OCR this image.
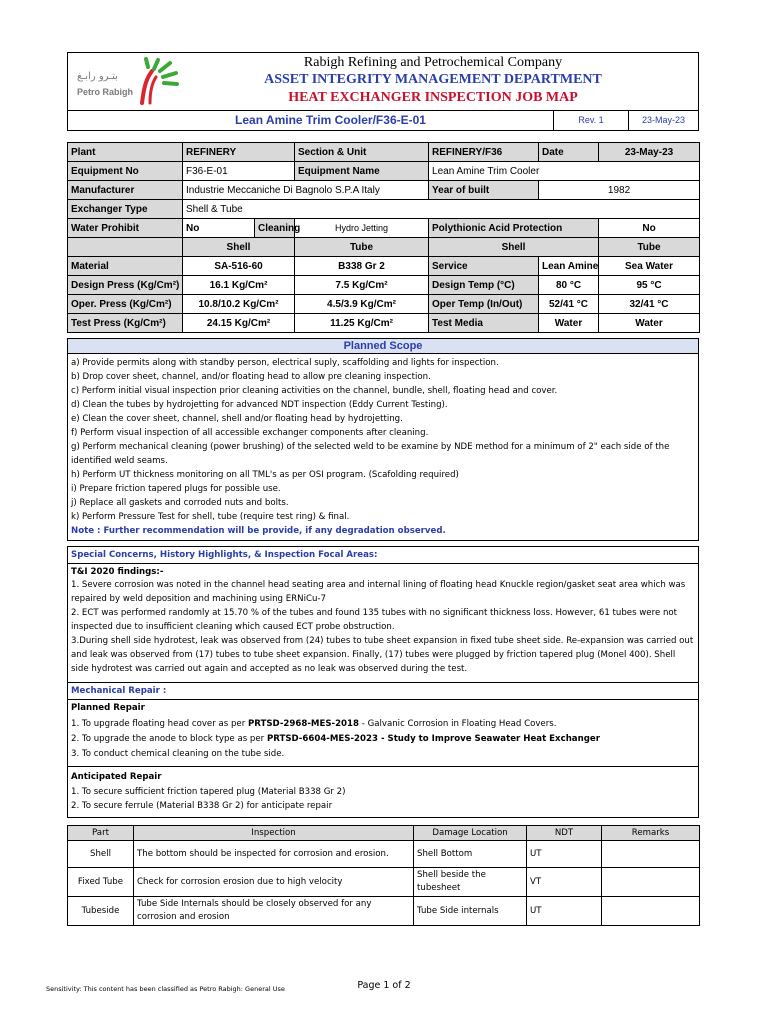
بتـرو رابـغ
Petro Rabigh
Rabigh Refining and Petrochemical Company
ASSET INTEGRITY MANAGEMENT DEPARTMENT
HEAT EXCHANGER INSPECTION JOB MAP
Lean Amine Trim Cooler/F36-E-01	Rev. 1	23-May-23
Plant	REFINERY		Section & Unit	REFINERY/F36	Date	23-May-23
Equipment No	F36-E-01		Equipment Name	Lean Amine Trim Cooler		
Manufacturer	Industrie Meccaniche Di Bagnolo S.P.A Italy			Year of built	1982	
Exchanger Type	Shell & Tube					
Water Prohibit	No	Cleaning	Hydro Jetting	Polythionic Acid Protection		No
	Shell		Tube	Shell		Tube
Material	SA-516-60		B338 Gr 2	Service	Lean Amine	Sea Water
Design Press (Kg/Cm²)	16.1 Kg/Cm²		7.5 Kg/Cm²	Design Temp (°C)	80 °C	95 °C
Oper. Press (Kg/Cm²)	10.8/10.2 Kg/Cm²		4.5/3.9 Kg/Cm²	Oper Temp (In/Out)	52/41 °C	32/41 °C
Test Press (Kg/Cm²)	24.15 Kg/Cm²		11.25 Kg/Cm²	Test Media	Water	Water
Planned Scope
a) Provide permits along with standby person, electrical suply, scaffolding and lights for inspection.
b) Drop cover sheet, channel, and/or floating head to allow pre cleaning inspection.
c) Perform initial visual inspection prior cleaning activities on the channel, bundle, shell, floating head and cover.
d) Clean the tubes by hydrojetting for advanced NDT inspection (Eddy Current Testing).
e) Clean the cover sheet, channel, shell and/or floating head by hydrojetting.
f) Perform visual inspection of all accessible exchanger components after cleaning.
g) Perform mechanical cleaning (power brushing) of the selected weld to be examine by NDE method for a minimum of 2" each side of the identified weld seams.
h) Perform UT thickness monitoring on all TML's as per OSI program. (Scafolding required)
i) Prepare friction tapered plugs for possible use.
j) Replace all gaskets and corroded nuts and bolts.
k) Perform Pressure Test for shell, tube (require test ring) & final.
Note : Further recommendation will be provide, if any degradation observed.
Special Concerns, History Highlights, & Inspection Focal Areas:
T&I 2020 findings:-
1. Severe corrosion was noted in the channel head seating area and internal lining of floating head Knuckle region/gasket seat area which was repaired by weld deposition and machining using ERNiCu-7
2. ECT was performed randomly at 15.70 % of the tubes and found 135 tubes with no significant thickness loss. However, 61 tubes were not inspected due to insufficient cleaning which caused ECT probe obstruction.
3.During shell side hydrotest, leak was observed from (24) tubes to tube sheet expansion in fixed tube sheet side. Re-expansion was carried out and leak was observed from (17) tubes to tube sheet expansion. Finally, (17) tubes were plugged by friction tapered plug (Monel 400). Shell side hydrotest was carried out again and accepted as no leak was observed during the test.
Mechanical Repair :
Planned Repair
1. To upgrade floating head cover as per PRTSD-2968-MES-2018 - Galvanic Corrosion in Floating Head Covers.
2. To upgrade the anode to block type as per PRTSD-6604-MES-2023 - Study to Improve Seawater Heat Exchanger
3. To conduct chemical cleaning on the tube side.
Anticipated Repair
1. To secure sufficient friction tapered plug (Material B338 Gr 2)
2. To secure ferrule (Material B338 Gr 2) for anticipate repair
Part	Inspection	Damage Location	NDT	Remarks
Shell	The bottom should be inspected for corrosion and erosion.	Shell Bottom	UT	
Fixed Tube	Check for corrosion erosion due to high velocity	Shell beside the tubesheet	VT	
Tubeside	Tube Side Internals should be closely observed for any corrosion and erosion	Tube Side internals	UT	
Sensitivity: This content has been classified as Petro Rabigh: General Use	Page 1 of 2
